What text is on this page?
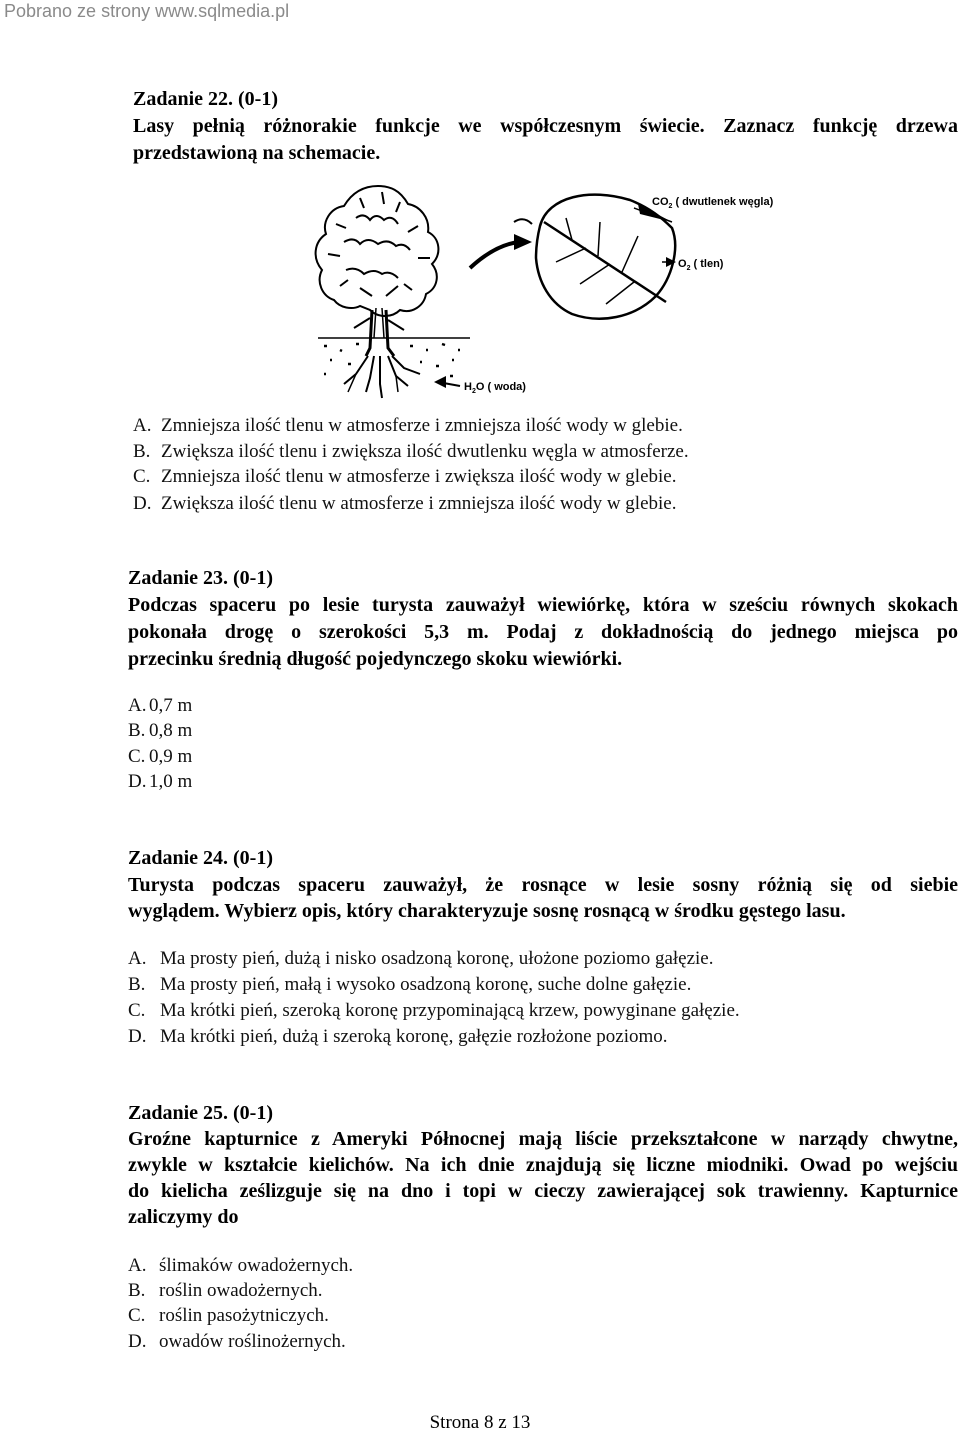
Pobrano ze strony www.sqlmedia.pl
Zadanie 22. (0-1)
Lasy pełnią różnorakie funkcje we współczesnym świecie. Zaznacz funkcję drzewa
przedstawioną na schemacie.
$CO_2$ ( dwutlenek węgla)
$O_2$ ( tlen)
$H_2O$ ( woda)
A. Zmniejsza ilość tlenu w atmosferze i zmniejsza ilość wody w glebie.
B. Zwiększa ilość tlenu i zwiększa ilość dwutlenku węgla w atmosferze.
C. Zmniejsza ilość tlenu w atmosferze i zwiększa ilość wody w glebie.
D. Zwiększa ilość tlenu w atmosferze i zmniejsza ilość wody w glebie.
Zadanie 23. (0-1)
Podczas spaceru po lesie turysta zauważył wiewiórkę, która w sześciu równych skokach
pokonała drogę o szerokości 5,3 m. Podaj z dokładnością do jednego miejsca po
przecinku średnią długość pojedynczego skoku wiewiórki.
A. 0,7 m
B. 0,8 m
C. 0,9 m
D. 1,0 m
Zadanie 24. (0-1)
Turysta podczas spaceru zauważył, że rosnące w lesie sosny różnią się od siebie
wyglądem. Wybierz opis, który charakteryzuje sosnę rosnącą w środku gęstego lasu.
A. Ma prosty pień, dużą i nisko osadzoną koronę, ułożone poziomo gałęzie.
B. Ma prosty pień, małą i wysoko osadzoną koronę, suche dolne gałęzie.
C. Ma krótki pień, szeroką koronę przypominającą krzew, powyginane gałęzie.
D. Ma krótki pień, dużą i szeroką koronę, gałęzie rozłożone poziomo.
Zadanie 25. (0-1)
Groźne kapturnice z Ameryki Północnej mają liście przekształcone w narządy chwytne,
zwykle w kształcie kielichów. Na ich dnie znajdują się liczne miodniki. Owad po wejściu
do kielicha ześlizguje się na dno i topi w cieczy zawierającej sok trawienny. Kapturnice
zaliczymy do
A. ślimaków owadożernych.
B. roślin owadożernych.
C. roślin pasożytniczych.
D. owadów roślinożernych.
Strona 8 z 13
